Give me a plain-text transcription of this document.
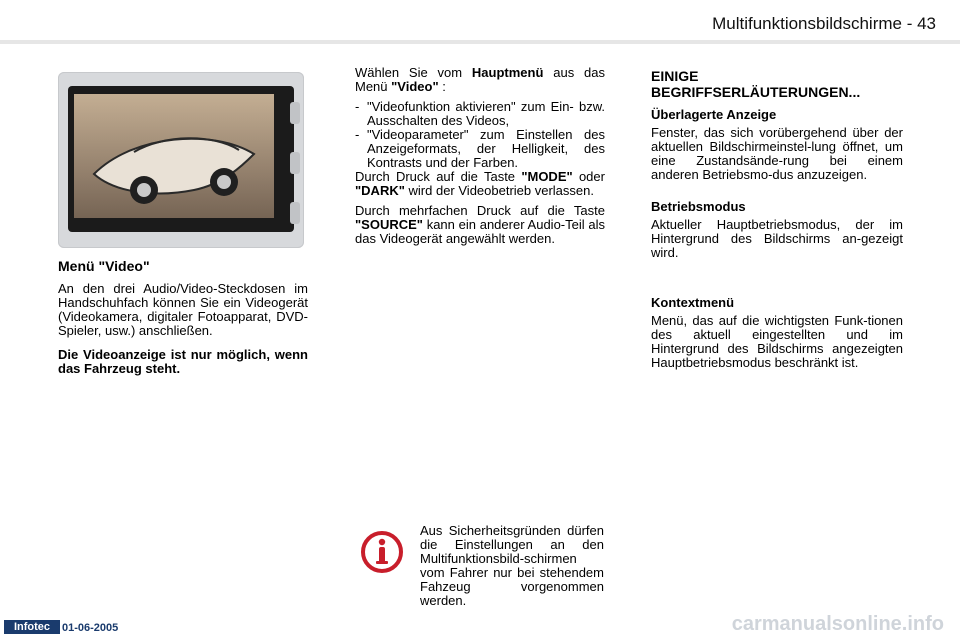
Multifunktionsbildschirme - 43
Menü "Video"

An den drei Audio/Video-Steckdosen im Handschuhfach können Sie ein Videogerät (Videokamera, digitaler Fotoapparat, DVD-Spieler, usw.) anschließen.

Die Videoanzeige ist nur möglich, wenn das Fahrzeug steht.

Wählen Sie vom Hauptmenü aus das Menü "Video" :

- "Videofunktion aktivieren" zum Ein- bzw. Ausschalten des Videos,
- "Videoparameter" zum Einstellen des Anzeigeformats, der Helligkeit, des Kontrasts und der Farben.

Durch Druck auf die Taste "MODE" oder "DARK" wird der Videobetrieb verlassen.

Durch mehrfachen Druck auf die Taste "SOURCE" kann ein anderer Audio-Teil als das Videogerät angewählt werden.

Aus Sicherheitsgründen dürfen die Einstellungen an den Multifunktionsbild-schirmen vom Fahrer nur bei stehendem Fahzeug vorgenommen werden.
EINIGE BEGRIFFSERLÄUTERUNGEN...
Überlagerte Anzeige

Fenster, das sich vorübergehend über der aktuellen Bildschirmeinstel-lung öffnet, um eine Zustandsände-rung bei einem anderen Betriebsmo-dus anzuzeigen.

Betriebsmodus

Aktueller Hauptbetriebsmodus, der im Hintergrund des Bildschirms an-gezeigt wird.

Kontextmenü

Menü, das auf die wichtigsten Funk-tionen des aktuell eingestellten und im Hintergrund des Bildschirms angezeigten Hauptbetriebsmodus beschränkt ist.

Infotec	01-06-2005	carmanualsonline.info
